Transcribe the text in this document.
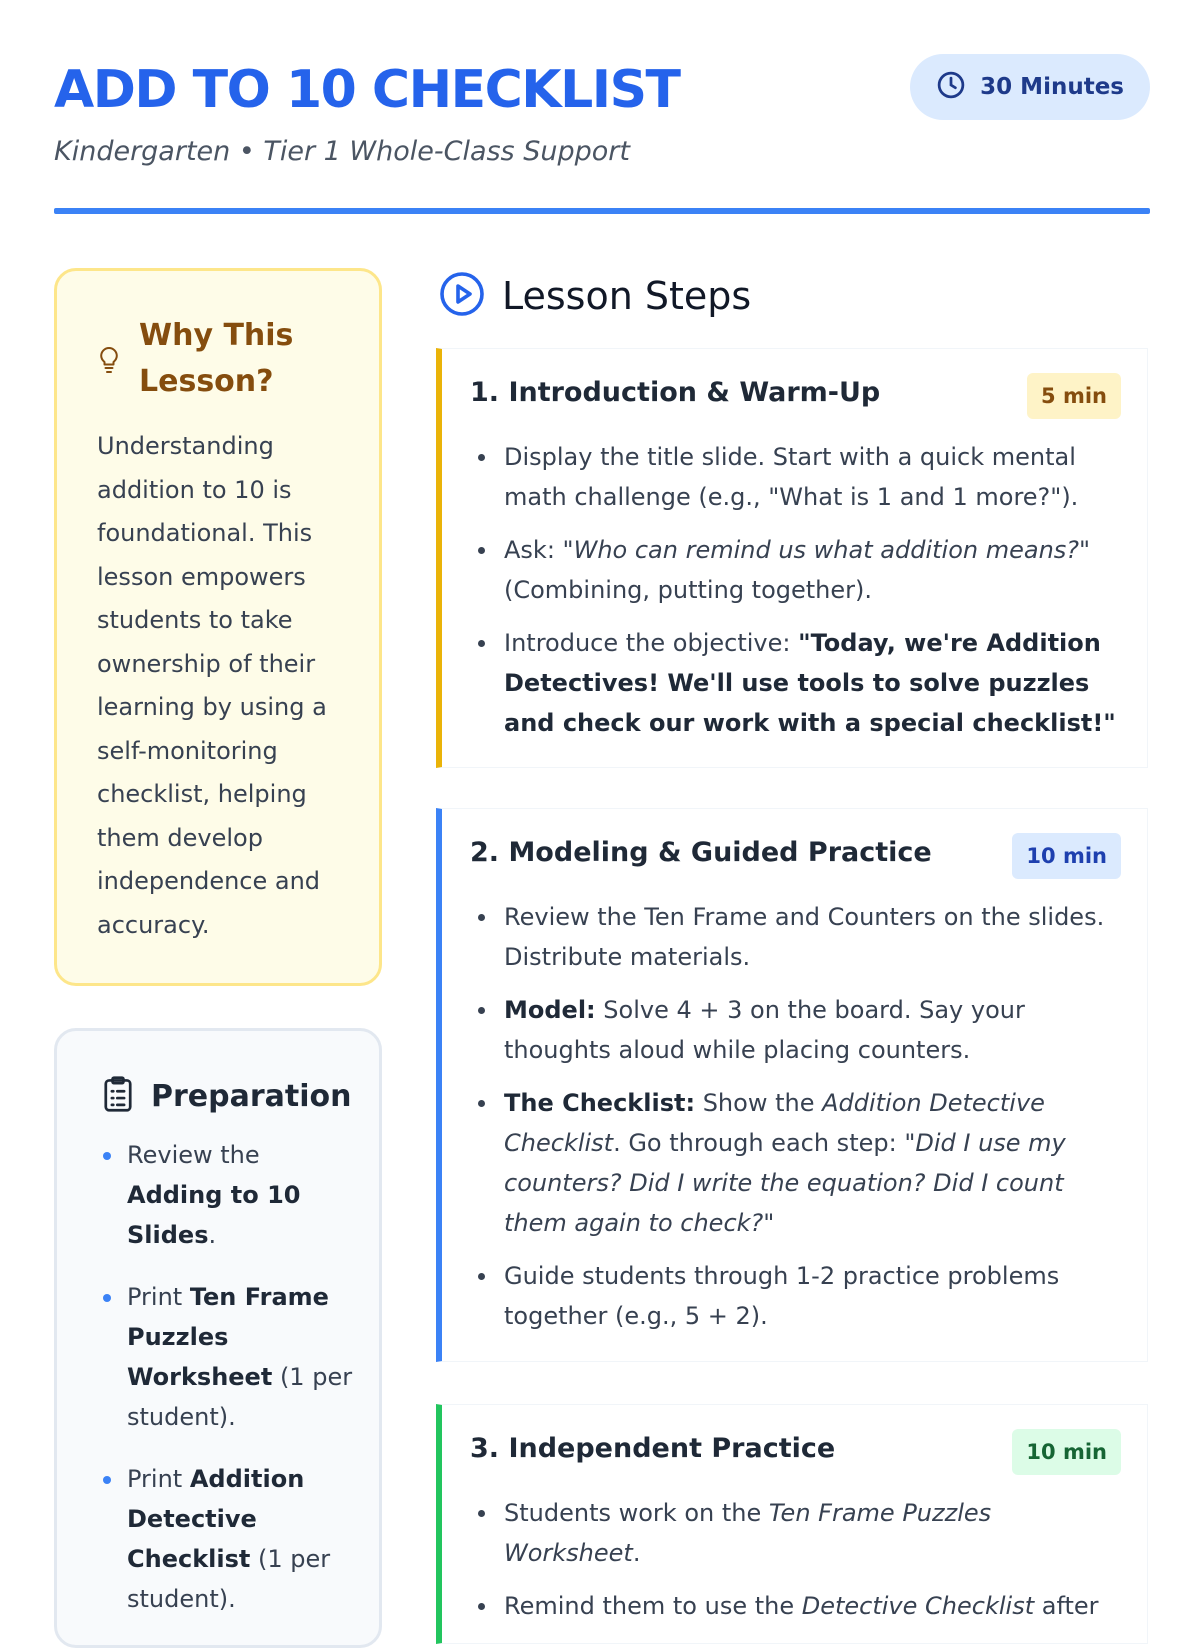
ADD TO 10 CHECKLIST
Kindergarten • Tier 1 Whole-Class Support
30 Minutes
Why This Lesson?

Understanding addition to 10 is foundational. This lesson empowers students to take ownership of their learning by using a self-monitoring checklist, helping them develop independence and accuracy.

Preparation
Review the Adding to 10 Slides.
Print Ten Frame Puzzles Worksheet (1 per student).
Print Addition Detective Checklist (1 per student).
Lesson Steps
1. Introduction & Warm-Up	5 min
Display the title slide. Start with a quick mental math challenge (e.g., "What is 1 and 1 more?").
Ask: "Who can remind us what addition means?" (Combining, putting together).
Introduce the objective: "Today, we're Addition Detectives! We'll use tools to solve puzzles and check our work with a special checklist!"
2. Modeling & Guided Practice	10 min
Review the Ten Frame and Counters on the slides. Distribute materials.
Model: Solve 4 + 3 on the board. Say your thoughts aloud while placing counters.
The Checklist: Show the Addition Detective Checklist. Go through each step: "Did I use my counters? Did I write the equation? Did I count them again to check?"
Guide students through 1-2 practice problems together (e.g., 5 + 2).
3. Independent Practice	10 min
Students work on the Ten Frame Puzzles Worksheet.
Remind them to use the Detective Checklist after
